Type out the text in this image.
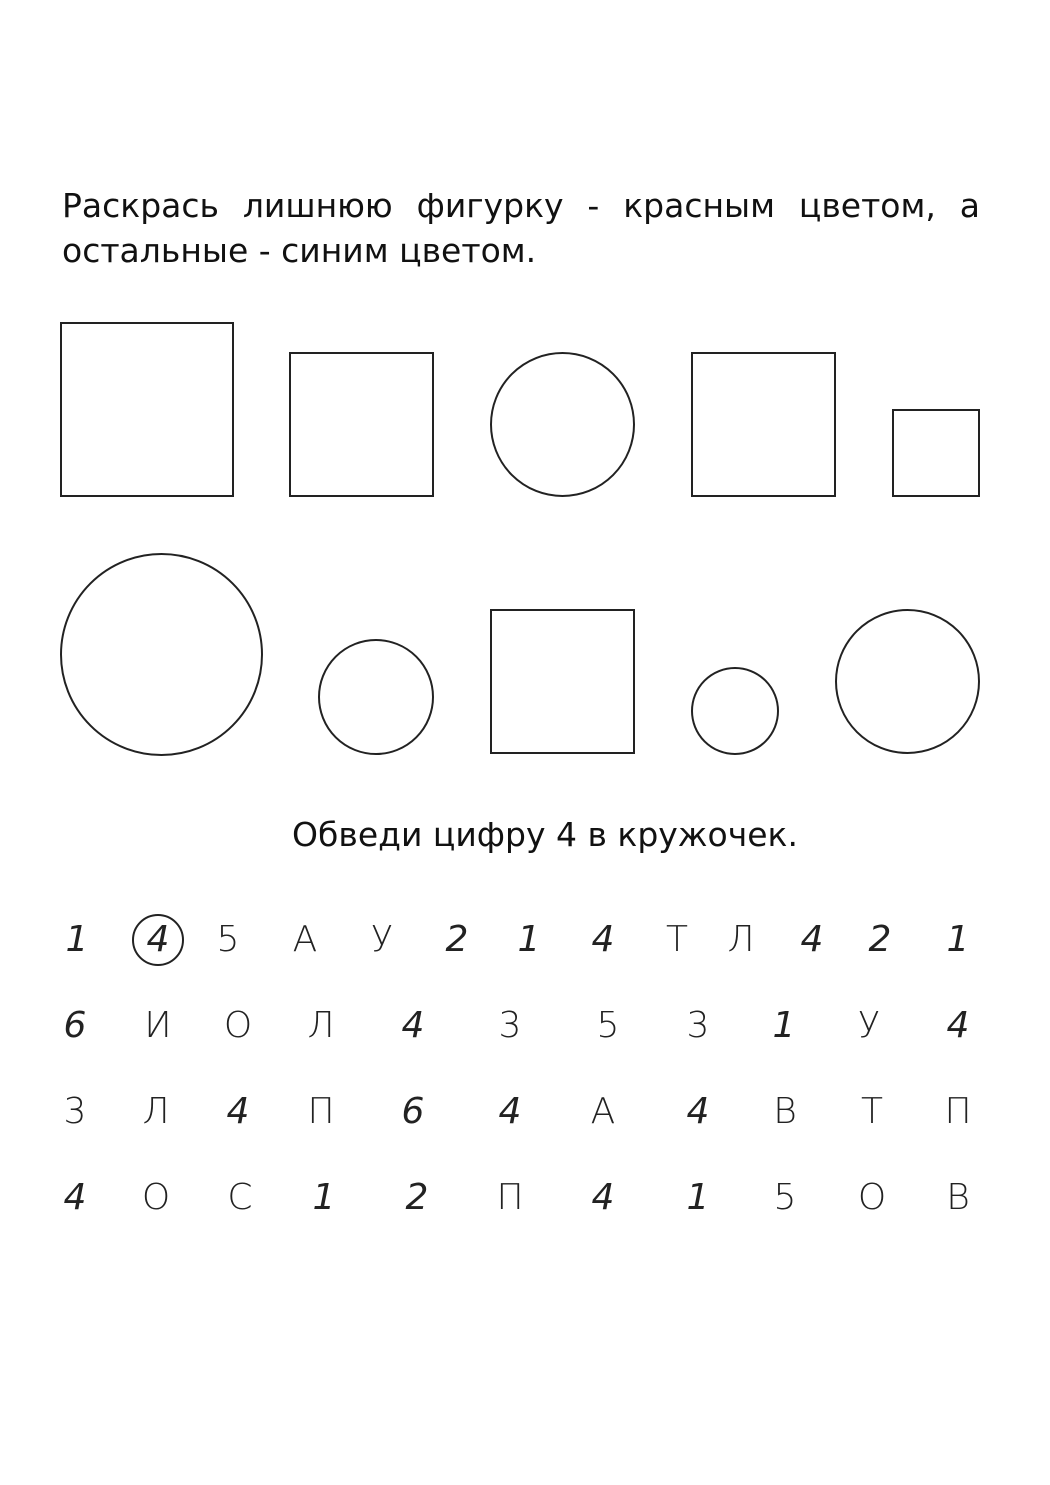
Раскрась лишнюю фигурку - красным цветом, а остальные - синим цветом.

Обведи цифру 4 в кружочек.

1	4	5	А	У	2	1	4	Т	Л	4	2	1
6	И	О	Л	4	3	5	3	1	У	4
3	Л	4	П	6	4	А	4	В	Т	П
4	О	С	1	2	П	4	1	5	О	В
